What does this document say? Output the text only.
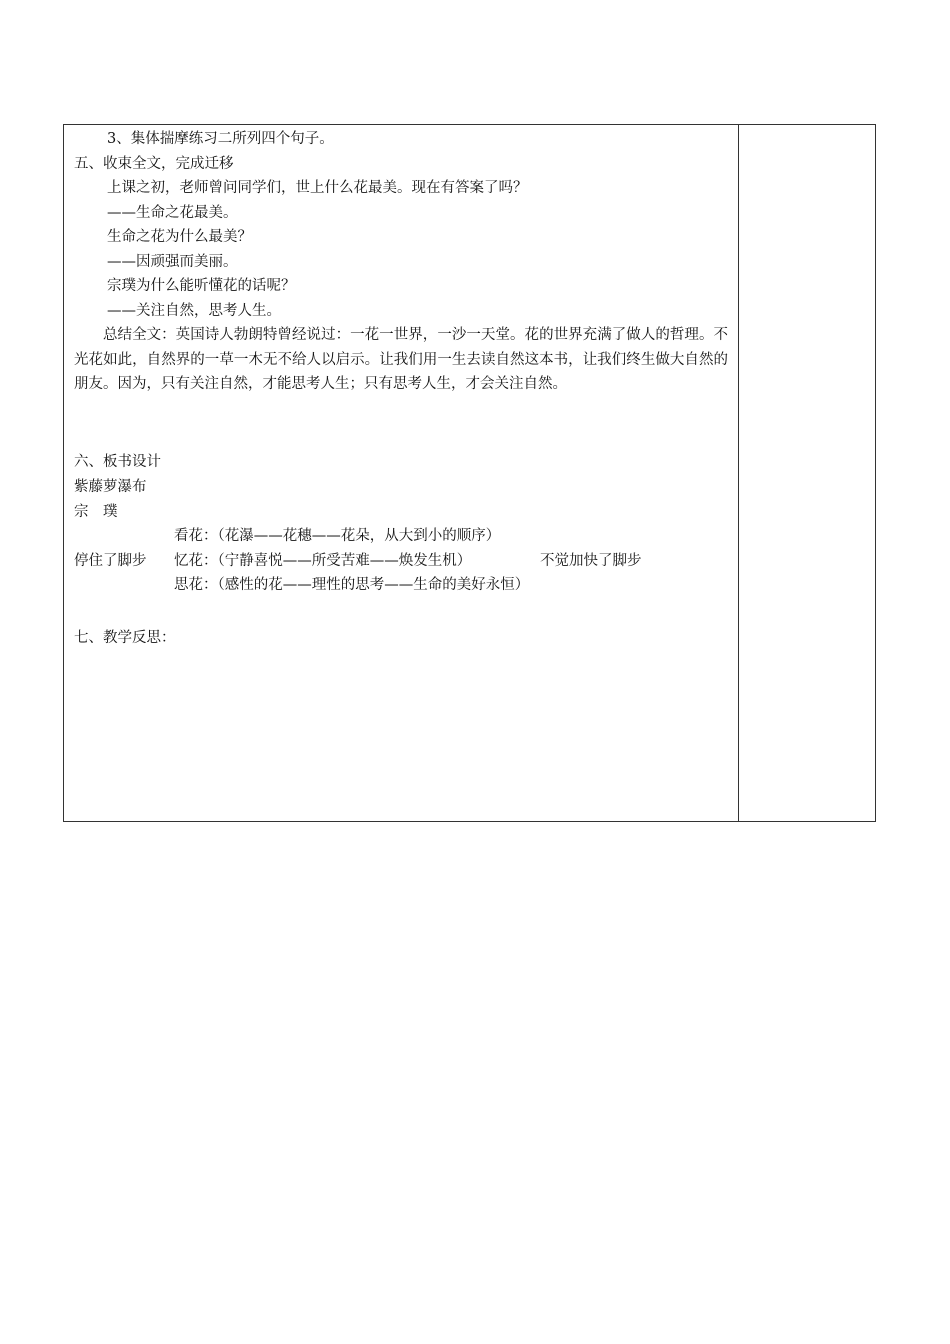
3、集体揣摩练习二所列四个句子。
五、收束全文，完成迁移
上课之初，老师曾问同学们，世上什么花最美。现在有答案了吗？
——生命之花最美。
生命之花为什么最美？
——因顽强而美丽。
宗璞为什么能听懂花的话呢？
——关注自然，思考人生。
总结全文：英国诗人勃朗特曾经说过：一花一世界，一沙一天堂。花的世界充满了做人的哲理。不光花如此，自然界的一草一木无不给人以启示。让我们用一生去读自然这本书，让我们终生做大自然的朋友。因为，只有关注自然，才能思考人生；只有思考人生，才会关注自然。
六、板书设计
紫藤萝瀑布
宗　璞
看花：（花瀑——花穗——花朵，从大到小的顺序）
停住了脚步 忆花：（宁静喜悦——所受苦难——焕发生机）	不觉加快了脚步
思花：（感性的花——理性的思考——生命的美好永恒）
七、教学反思：
